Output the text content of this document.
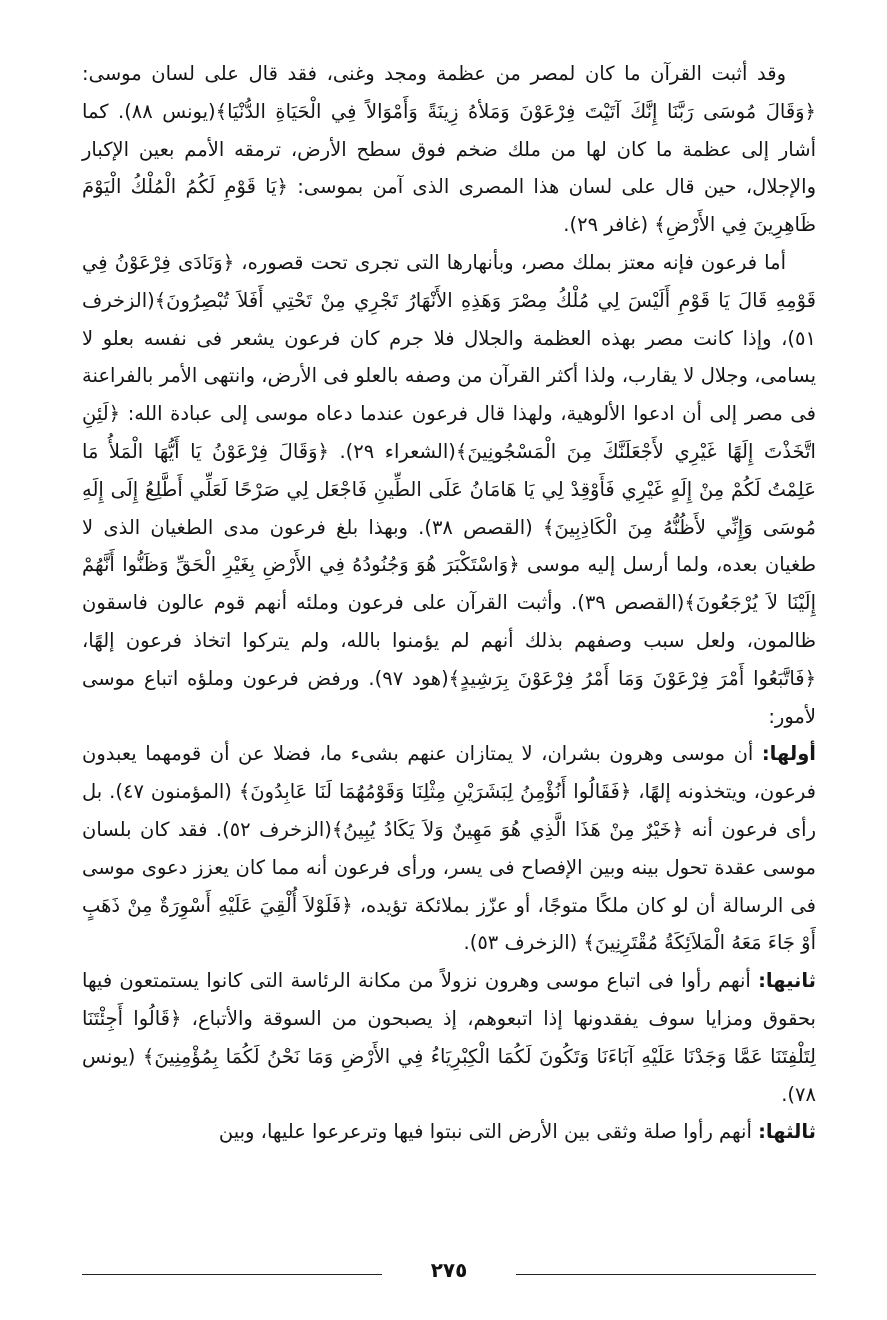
وقد أثبت القرآن ما كان لمصر من عظمة ومجد وغنى، فقد قال على لسان موسى: ﴿وَقَالَ مُوسَى رَبَّنَا إِنَّكَ آتَيْتَ فِرْعَوْنَ وَمَلأهُ زِينَةً وَأَمْوَالاً فِي الْحَيَاةِ الدُّنْيَا﴾(يونس ٨٨). كما أشار إلى عظمة ما كان لها من ملك ضخم فوق سطح الأرض، ترمقه الأمم بعين الإكبار والإجلال، حين قال على لسان هذا المصرى الذى آمن بموسى: ﴿يَا قَوْمِ لَكُمُ الْمُلْكُ الْيَوْمَ ظَاهِرِينَ فِي الأَرْضِ﴾ (غافر ٢٩).

أما فرعون فإنه معتز بملك مصر، وبأنهارها التى تجرى تحت قصوره، ﴿وَنَادَى فِرْعَوْنُ فِي قَوْمِهِ قَالَ يَا قَوْمِ أَلَيْسَ لِي مُلْكُ مِصْرَ وَهَذِهِ الأَنْهَارُ تَجْرِي مِنْ تَحْتِي أَفَلاَ تُبْصِرُونَ﴾(الزخرف ٥١)، وإذا كانت مصر بهذه العظمة والجلال فلا جرم كان فرعون يشعر فى نفسه بعلو لا يسامى، وجلال لا يقارب، ولذا أكثر القرآن من وصفه بالعلو فى الأرض، وانتهى الأمر بالفراعنة فى مصر إلى أن ادعوا الألوهية، ولهذا قال فرعون عندما دعاه موسى إلى عبادة الله: ﴿لَئِنِ اتَّخَذْتَ إِلَهًا غَيْرِي لأَجْعَلَنَّكَ مِنَ الْمَسْجُونِينَ﴾(الشعراء ٢٩). ﴿وَقَالَ فِرْعَوْنُ يَا أَيُّهَا الْمَلأُ مَا عَلِمْتُ لَكُمْ مِنْ إِلَهٍ غَيْرِي فَأَوْقِدْ لِي يَا هَامَانُ عَلَى الطِّينِ فَاجْعَل لِي صَرْحًا لَعَلِّي أَطَّلِعُ إِلَى إِلَهِ مُوسَى وَإِنِّي لأَظُنُّهُ مِنَ الْكَاذِبِينَ﴾ (القصص ٣٨). وبهذا بلغ فرعون مدى الطغيان الذى لا طغيان بعده، ولما أرسل إليه موسى ﴿وَاسْتَكْبَرَ هُوَ وَجُنُودُهُ فِي الأَرْضِ بِغَيْرِ الْحَقِّ وَظَنُّوا أَنَّهُمْ إِلَيْنَا لاَ يُرْجَعُونَ﴾(القصص ٣٩). وأثبت القرآن على فرعون وملئه أنهم قوم عالون فاسقون ظالمون، ولعل سبب وصفهم بذلك أنهم لم يؤمنوا بالله، ولم يتركوا اتخاذ فرعون إلهًا، ﴿فَاتَّبَعُوا أَمْرَ فِرْعَوْنَ وَمَا أَمْرُ فِرْعَوْنَ بِرَشِيدٍ﴾(هود ٩٧). ورفض فرعون وملؤه اتباع موسى لأمور:

أولها: أن موسى وهرون بشران، لا يمتازان عنهم بشىء ما، فضلا عن أن قومهما يعبدون فرعون، ويتخذونه إلهًا، ﴿فَقَالُوا أَنُؤْمِنُ لِبَشَرَيْنِ مِثْلِنَا وَقَوْمُهُمَا لَنَا عَابِدُونَ﴾ (المؤمنون ٤٧). بل رأى فرعون أنه ﴿خَيْرٌ مِنْ هَذَا الَّذِي هُوَ مَهِينٌ وَلاَ يَكَادُ يُبِينُ﴾(الزخرف ٥٢). فقد كان بلسان موسى عقدة تحول بينه وبين الإفصاح فى يسر، ورأى فرعون أنه مما كان يعزز دعوى موسى فى الرسالة أن لو كان ملكًا متوجًا، أو عزّز بملائكة تؤيده، ﴿فَلَوْلاَ أُلْقِيَ عَلَيْهِ أَسْوِرَةٌ مِنْ ذَهَبٍ أَوْ جَاءَ مَعَهُ الْمَلاَئِكَةُ مُقْتَرِنِينَ﴾ (الزخرف ٥٣).

ثانيها: أنهم رأوا فى اتباع موسى وهرون نزولاً من مكانة الرئاسة التى كانوا يستمتعون فيها بحقوق ومزايا سوف يفقدونها إذا اتبعوهم، إذ يصبحون من السوقة والأتباع، ﴿قَالُوا أَجِئْتَنَا لِتَلْفِتَنَا عَمَّا وَجَدْنَا عَلَيْهِ آبَاءَنَا وَتَكُونَ لَكُمَا الْكِبْرِيَاءُ فِي الأَرْضِ وَمَا نَحْنُ لَكُمَا بِمُؤْمِنِينَ﴾ (يونس ٧٨).

ثالثها: أنهم رأوا صلة وثقى بين الأرض التى نبتوا فيها وترعرعوا عليها، وبين

٢٧٥
